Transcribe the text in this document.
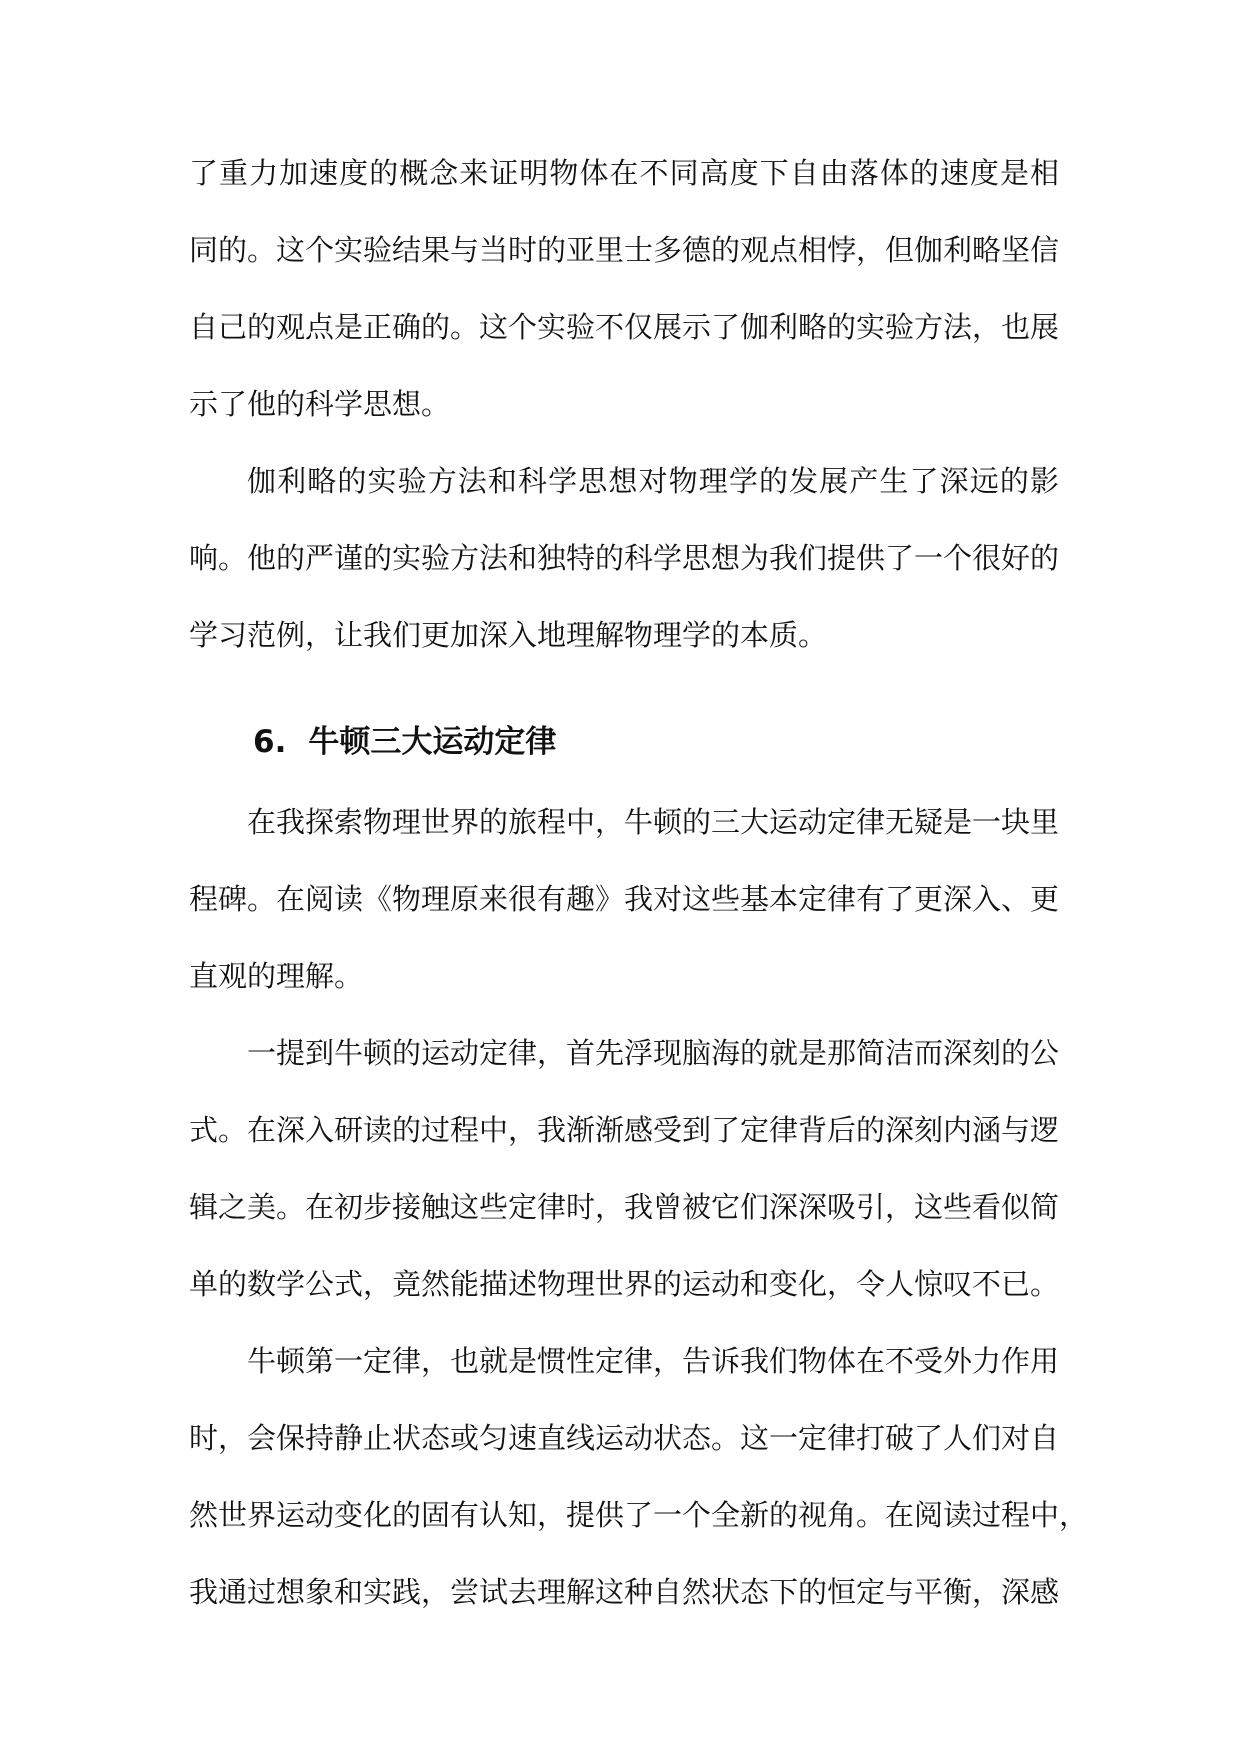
了重力加速度的概念来证明物体在不同高度下自由落体的速度是相
同的。这个实验结果与当时的亚里士多德的观点相悖，但伽利略坚信
自己的观点是正确的。这个实验不仅展示了伽利略的实验方法，也展
示了他的科学思想。
伽利略的实验方法和科学思想对物理学的发展产生了深远的影
响。他的严谨的实验方法和独特的科学思想为我们提供了一个很好的
学习范例，让我们更加深入地理解物理学的本质。
6. 牛顿三大运动定律
在我探索物理世界的旅程中，牛顿的三大运动定律无疑是一块里
程碑。在阅读《物理原来很有趣》我对这些基本定律有了更深入、更
直观的理解。
一提到牛顿的运动定律，首先浮现脑海的就是那简洁而深刻的公
式。在深入研读的过程中，我渐渐感受到了定律背后的深刻内涵与逻
辑之美。在初步接触这些定律时，我曾被它们深深吸引，这些看似简
单的数学公式，竟然能描述物理世界的运动和变化，令人惊叹不已。
牛顿第一定律，也就是惯性定律，告诉我们物体在不受外力作用
时，会保持静止状态或匀速直线运动状态。这一定律打破了人们对自
然世界运动变化的固有认知，提供了一个全新的视角。在阅读过程中，
我通过想象和实践，尝试去理解这种自然状态下的恒定与平衡，深感
